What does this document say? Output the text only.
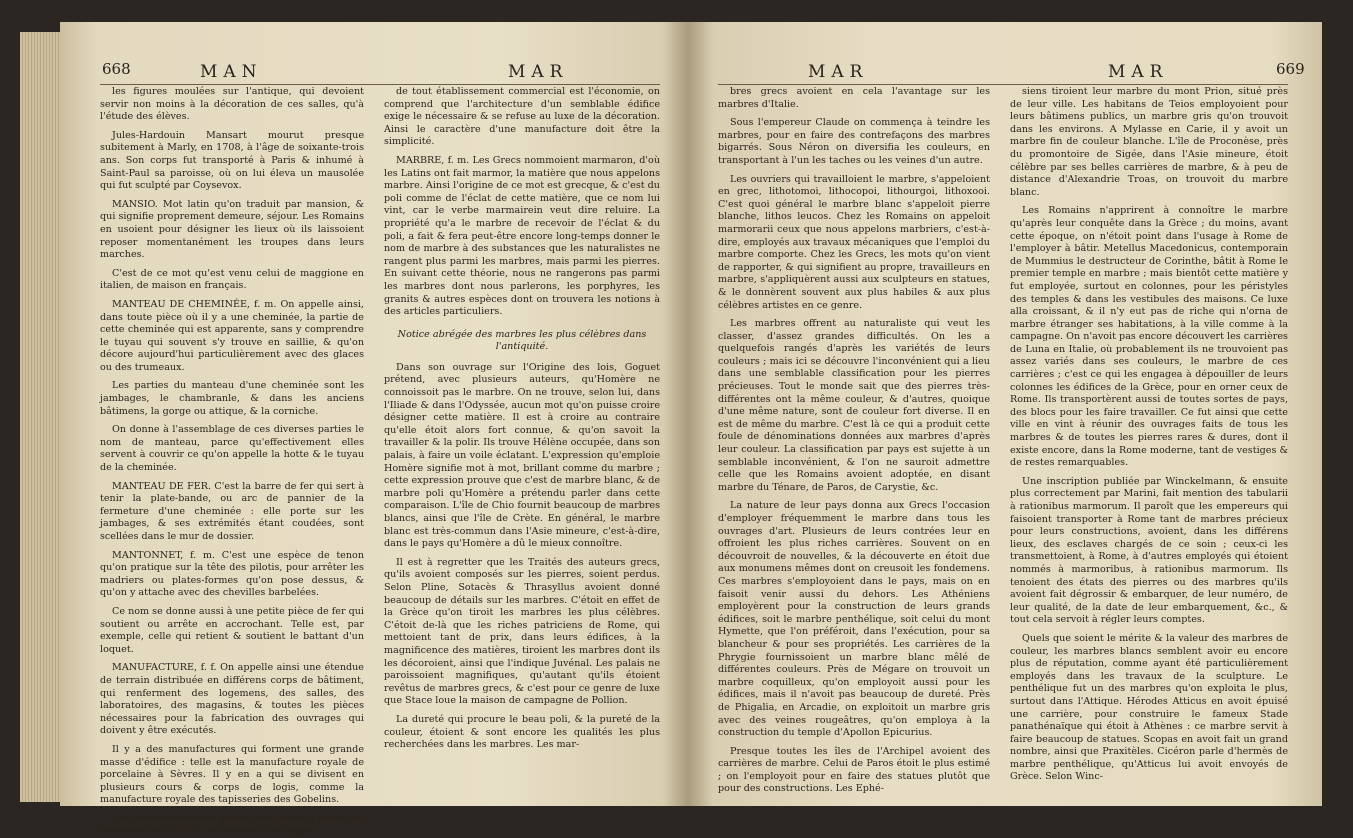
668	MAN	MAR

les figures moulées sur l'antique, qui devoient servir non moins à la décoration de ces salles, qu'à l'étude des élèves.

Jules-Hardouin Mansart mourut presque subitement à Marly, en 1708, à l'âge de soixante-trois ans. Son corps fut transporté à Paris & inhumé à Saint-Paul sa paroisse, où on lui éleva un mausolée qui fut sculpté par Coysevox.

MANSIO. Mot latin qu'on traduit par mansion, & qui signifie proprement demeure, séjour. Les Romains en usoient pour désigner les lieux où ils laissoient reposer momentanément les troupes dans leurs marches.

C'est de ce mot qu'est venu celui de maggione en italien, de maison en français.

MANTEAU DE CHEMINÉE, f. m. On appelle ainsi, dans toute pièce où il y a une cheminée, la partie de cette cheminée qui est apparente, sans y comprendre le tuyau qui souvent s'y trouve en saillie, & qu'on décore aujourd'hui particulièrement avec des glaces ou des trumeaux.

Les parties du manteau d'une cheminée sont les jambages, le chambranle, & dans les anciens bâtimens, la gorge ou attique, & la corniche.

On donne à l'assemblage de ces diverses parties le nom de manteau, parce qu'effectivement elles servent à couvrir ce qu'on appelle la hotte & le tuyau de la cheminée.

MANTEAU DE FER. C'est la barre de fer qui sert à tenir la plate-bande, ou arc de pannier de la fermeture d'une cheminée : elle porte sur les jambages, & ses extrémités étant coudées, sont scellées dans le mur de dossier.

MANTONNET, f. m. C'est une espèce de tenon qu'on pratique sur la tête des pilotis, pour arrêter les madriers ou plates-formes qu'on pose dessus, & qu'on y attache avec des chevilles barbelées.

Ce nom se donne aussi à une petite pièce de fer qui soutient ou arrête en accrochant. Telle est, par exemple, celle qui retient & soutient le battant d'un loquet.

MANUFACTURE, f. f. On appelle ainsi une étendue de terrain distribuée en différens corps de bâtiment, qui renferment des logemens, des salles, des laboratoires, des magasins, & toutes les pièces nécessaires pour la fabrication des ouvrages qui doivent y être exécutés.

Il y a des manufactures qui forment une grande masse d'édifice : telle est la manufacture royale de porcelaine à Sèvres. Il y en a qui se divisent en plusieurs cours & corps de logis, comme la manufacture royale des tapisseries des Gobelins.

Une manufacture est un bâtiment dont la condition première est l'utilité ; & comme le principe

de tout établissement commercial est l'économie, on comprend que l'architecture d'un semblable édifice exige le nécessaire & se refuse au luxe de la décoration. Ainsi le caractère d'une manufacture doit être la simplicité.

MARBRE, f. m. Les Grecs nommoient marmaron, d'où les Latins ont fait marmor, la matière que nous appelons marbre. Ainsi l'origine de ce mot est grecque, & c'est du poli comme de l'éclat de cette matière, que ce nom lui vint, car le verbe marmairein veut dire reluire. La propriété qu'a le marbre de recevoir de l'éclat & du poli, a fait & fera peut-être encore long-temps donner le nom de marbre à des substances que les naturalistes ne rangent plus parmi les marbres, mais parmi les pierres. En suivant cette théorie, nous ne rangerons pas parmi les marbres dont nous parlerons, les porphyres, les granits & autres espèces dont on trouvera les notions à des articles particuliers.

Notice abrégée des marbres les plus célèbres dans l'antiquité.

Dans son ouvrage sur l'Origine des lois, Goguet prétend, avec plusieurs auteurs, qu'Homère ne connoissoit pas le marbre. On ne trouve, selon lui, dans l'Iliade & dans l'Odyssée, aucun mot qu'on puisse croire désigner cette matière. Il est à croire au contraire qu'elle étoit alors fort connue, & qu'on savoit la travailler & la polir. Ils trouve Hélène occupée, dans son palais, à faire un voile éclatant. L'expression qu'emploie Homère signifie mot à mot, brillant comme du marbre ; cette expression prouve que c'est de marbre blanc, & de marbre poli qu'Homère a prétendu parler dans cette comparaison. L'île de Chio fournit beaucoup de marbres blancs, ainsi que l'île de Crète. En général, le marbre blanc est très-commun dans l'Asie mineure, c'est-à-dire, dans le pays qu'Homère a dû le mieux connoître.

Il est à regretter que les Traités des auteurs grecs, qu'ils avoient composés sur les pierres, soient perdus. Selon Pline, Sotacès & Thrasyllus avoient donné beaucoup de détails sur les marbres. C'étoit en effet de la Grèce qu'on tiroit les marbres les plus célèbres. C'étoit de-là que les riches patriciens de Rome, qui mettoient tant de prix, dans leurs édifices, à la magnificence des matières, tiroient les marbres dont ils les décoroient, ainsi que l'indique Juvénal. Les palais ne paroissoient magnifiques, qu'autant qu'ils étoient revêtus de marbres grecs, & c'est pour ce genre de luxe que Stace loue la maison de campagne de Pollion.

La dureté qui procure le beau poli, & la pureté de la couleur, étoient & sont encore les qualités les plus recherchées dans les marbres. Les mar-

MAR	MAR	669

bres grecs avoient en cela l'avantage sur les marbres d'Italie.

Sous l'empereur Claude on commença à teindre les marbres, pour en faire des contrefaçons des marbres bigarrés. Sous Néron on diversifia les couleurs, en transportant à l'un les taches ou les veines d'un autre.

Les ouvriers qui travailloient le marbre, s'appeloient en grec, lithotomoi, lithocopoi, lithourgoi, lithoxooi. C'est quoi général le marbre blanc s'appeloit pierre blanche, lithos leucos. Chez les Romains on appeloit marmorarii ceux que nous appelons marbriers, c'est-à-dire, employés aux travaux mécaniques que l'emploi du marbre comporte. Chez les Grecs, les mots qu'on vient de rapporter, & qui signifient au propre, travailleurs en marbre, s'appliquèrent aussi aux sculpteurs en statues, & le donnèrent souvent aux plus habiles & aux plus célèbres artistes en ce genre.

Les marbres offrent au naturaliste qui veut les classer, d'assez grandes difficultés. On les a quelquefois rangés d'après les variétés de leurs couleurs ; mais ici se découvre l'inconvénient qui a lieu dans une semblable classification pour les pierres précieuses. Tout le monde sait que des pierres très-différentes ont la même couleur, & d'autres, quoique d'une même nature, sont de couleur fort diverse. Il en est de même du marbre. C'est là ce qui a produit cette foule de dénominations données aux marbres d'après leur couleur. La classification par pays est sujette à un semblable inconvénient, & l'on ne sauroit admettre celle que les Romains avoient adoptée, en disant marbre du Ténare, de Paros, de Carystie, &c.

La nature de leur pays donna aux Grecs l'occasion d'employer fréquemment le marbre dans tous les ouvrages d'art. Plusieurs de leurs contrées leur en offroient les plus riches carrières. Souvent on en découvroit de nouvelles, & la découverte en étoit due aux monumens mêmes dont on creusoit les fondemens. Ces marbres s'employoient dans le pays, mais on en faisoit venir aussi du dehors. Les Athéniens employèrent pour la construction de leurs grands édifices, soit le marbre penthélique, soit celui du mont Hymette, que l'on préféroit, dans l'exécution, pour sa blancheur & pour ses propriétés. Les carrières de la Phrygie fournissoient un marbre blanc mêlé de différentes couleurs. Près de Mégare on trouvoit un marbre coquilleux, qu'on employoit aussi pour les édifices, mais il n'avoit pas beaucoup de dureté. Près de Phigalia, en Arcadie, on exploitoit un marbre gris avec des veines rougeâtres, qu'on employa à la construction du temple d'Apollon Epicurius.

Presque toutes les îles de l'Archipel avoient des carrières de marbre. Celui de Paros étoit le plus estimé ; on l'employoit pour en faire des statues plutôt que pour des constructions. Les Ephé-

siens tiroient leur marbre du mont Prion, situé près de leur ville. Les habitans de Teios employoient pour leurs bâtimens publics, un marbre gris qu'on trouvoit dans les environs. A Mylasse en Carie, il y avoit un marbre fin de couleur blanche. L'île de Proconèse, près du promontoire de Sigée, dans l'Asie mineure, étoit célèbre par ses belles carrières de marbre, & à peu de distance d'Alexandrie Troas, on trouvoit du marbre blanc.

Les Romains n'apprirent à connoître le marbre qu'après leur conquête dans la Grèce ; du moins, avant cette époque, on n'étoit point dans l'usage à Rome de l'employer à bâtir. Metellus Macedonicus, contemporain de Mummius le destructeur de Corinthe, bâtit à Rome le premier temple en marbre ; mais bientôt cette matière y fut employée, surtout en colonnes, pour les péristyles des temples & dans les vestibules des maisons. Ce luxe alla croissant, & il n'y eut pas de riche qui n'orna de marbre étranger ses habitations, à la ville comme à la campagne. On n'avoit pas encore découvert les carrières de Luna en Italie, où probablement ils ne trouvoient pas assez variés dans ses couleurs, le marbre de ces carrières ; c'est ce qui les engagea à dépouiller de leurs colonnes les édifices de la Grèce, pour en orner ceux de Rome. Ils transportèrent aussi de toutes sortes de pays, des blocs pour les faire travailler. Ce fut ainsi que cette ville en vint à réunir des ouvrages faits de tous les marbres & de toutes les pierres rares & dures, dont il existe encore, dans la Rome moderne, tant de vestiges & de restes remarquables.

Une inscription publiée par Winckelmann, & ensuite plus correctement par Marini, fait mention des tabularii à rationibus marmorum. Il paroît que les empereurs qui faisoient transporter à Rome tant de marbres précieux pour leurs constructions, avoient, dans les différens lieux, des esclaves chargés de ce soin ; ceux-ci les transmettoient, à Rome, à d'autres employés qui étoient nommés à marmoribus, à rationibus marmorum. Ils tenoient des états des pierres ou des marbres qu'ils avoient fait dégrossir & embarquer, de leur numéro, de leur qualité, de la date de leur embarquement, &c., & tout cela servoit à régler leurs comptes.

Quels que soient le mérite & la valeur des marbres de couleur, les marbres blancs semblent avoir eu encore plus de réputation, comme ayant été particulièrement employés dans les travaux de la sculpture. Le penthélique fut un des marbres qu'on exploita le plus, surtout dans l'Attique. Hérodes Atticus en avoit épuisé une carrière, pour construire le fameux Stade panathénaïque qui étoit à Athènes : ce marbre servit à faire beaucoup de statues. Scopas en avoit fait un grand nombre, ainsi que Praxitèles. Cicéron parle d'hermès de marbre penthélique, qu'Atticus lui avoit envoyés de Grèce. Selon Winc-
